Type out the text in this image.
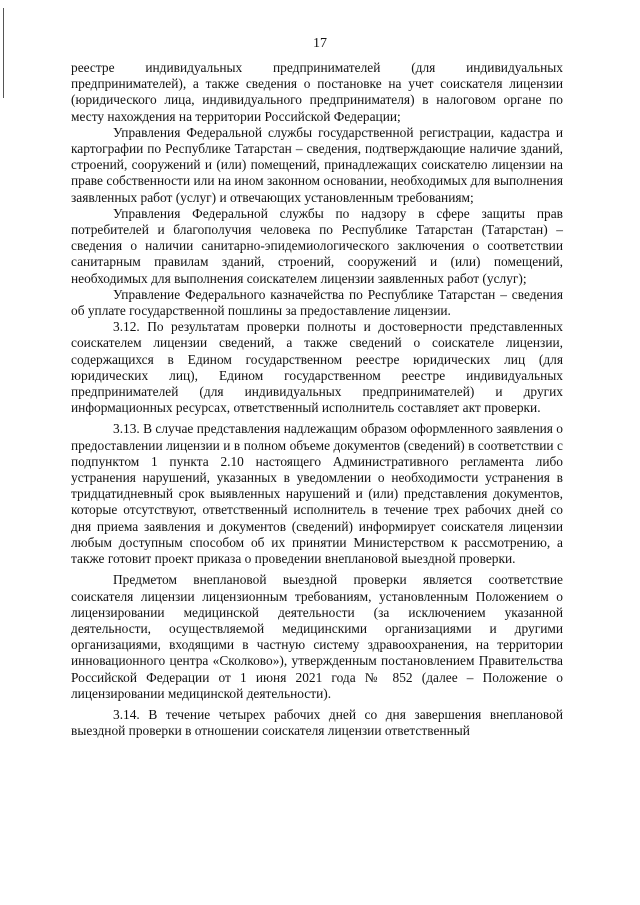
17

реестре индивидуальных предпринимателей (для индивидуальных предпринимателей), а также сведения о постановке на учет соискателя лицензии (юридического лица, индивидуального предпринимателя) в налоговом органе по месту нахождения на территории Российской Федерации;

Управления Федеральной службы государственной регистрации, кадастра и картографии по Республике Татарстан – сведения, подтверждающие наличие зданий, строений, сооружений и (или) помещений, принадлежащих соискателю лицензии на праве собственности или на ином законном основании, необходимых для выполнения заявленных работ (услуг) и отвечающих установленным требованиям;

Управления Федеральной службы по надзору в сфере защиты прав потребителей и благополучия человека по Республике Татарстан (Татарстан) – сведения о наличии санитарно-эпидемиологического заключения о соответствии санитарным правилам зданий, строений, сооружений и (или) помещений, необходимых для выполнения соискателем лицензии заявленных работ (услуг);

Управление Федерального казначейства по Республике Татарстан – сведения об уплате государственной пошлины за предоставление лицензии.

3.12. По результатам проверки полноты и достоверности представленных соискателем лицензии сведений, а также сведений о соискателе лицензии, содержащихся в Едином государственном реестре юридических лиц (для юридических лиц), Едином государственном реестре индивидуальных предпринимателей (для индивидуальных предпринимателей) и других информационных ресурсах, ответственный исполнитель составляет акт проверки.

3.13. В случае представления надлежащим образом оформленного заявления о предоставлении лицензии и в полном объеме документов (сведений) в соответствии с подпунктом 1 пункта 2.10 настоящего Административного регламента либо устранения нарушений, указанных в уведомлении о необходимости устранения в тридцатидневный срок выявленных нарушений и (или) представления документов, которые отсутствуют, ответственный исполнитель в течение трех рабочих дней со дня приема заявления и документов (сведений) информирует соискателя лицензии любым доступным способом об их принятии Министерством к рассмотрению, а также готовит проект приказа о проведении внеплановой выездной проверки.

Предметом внеплановой выездной проверки является соответствие соискателя лицензии лицензионным требованиям, установленным Положением о лицензировании медицинской деятельности (за исключением указанной деятельности, осуществляемой медицинскими организациями и другими организациями, входящими в частную систему здравоохранения, на территории инновационного центра «Сколково»), утвержденным постановлением Правительства Российской Федерации от 1 июня 2021 года № 852 (далее – Положение о лицензировании медицинской деятельности).

3.14. В течение четырех рабочих дней со дня завершения внеплановой выездной проверки в отношении соискателя лицензии ответственный
